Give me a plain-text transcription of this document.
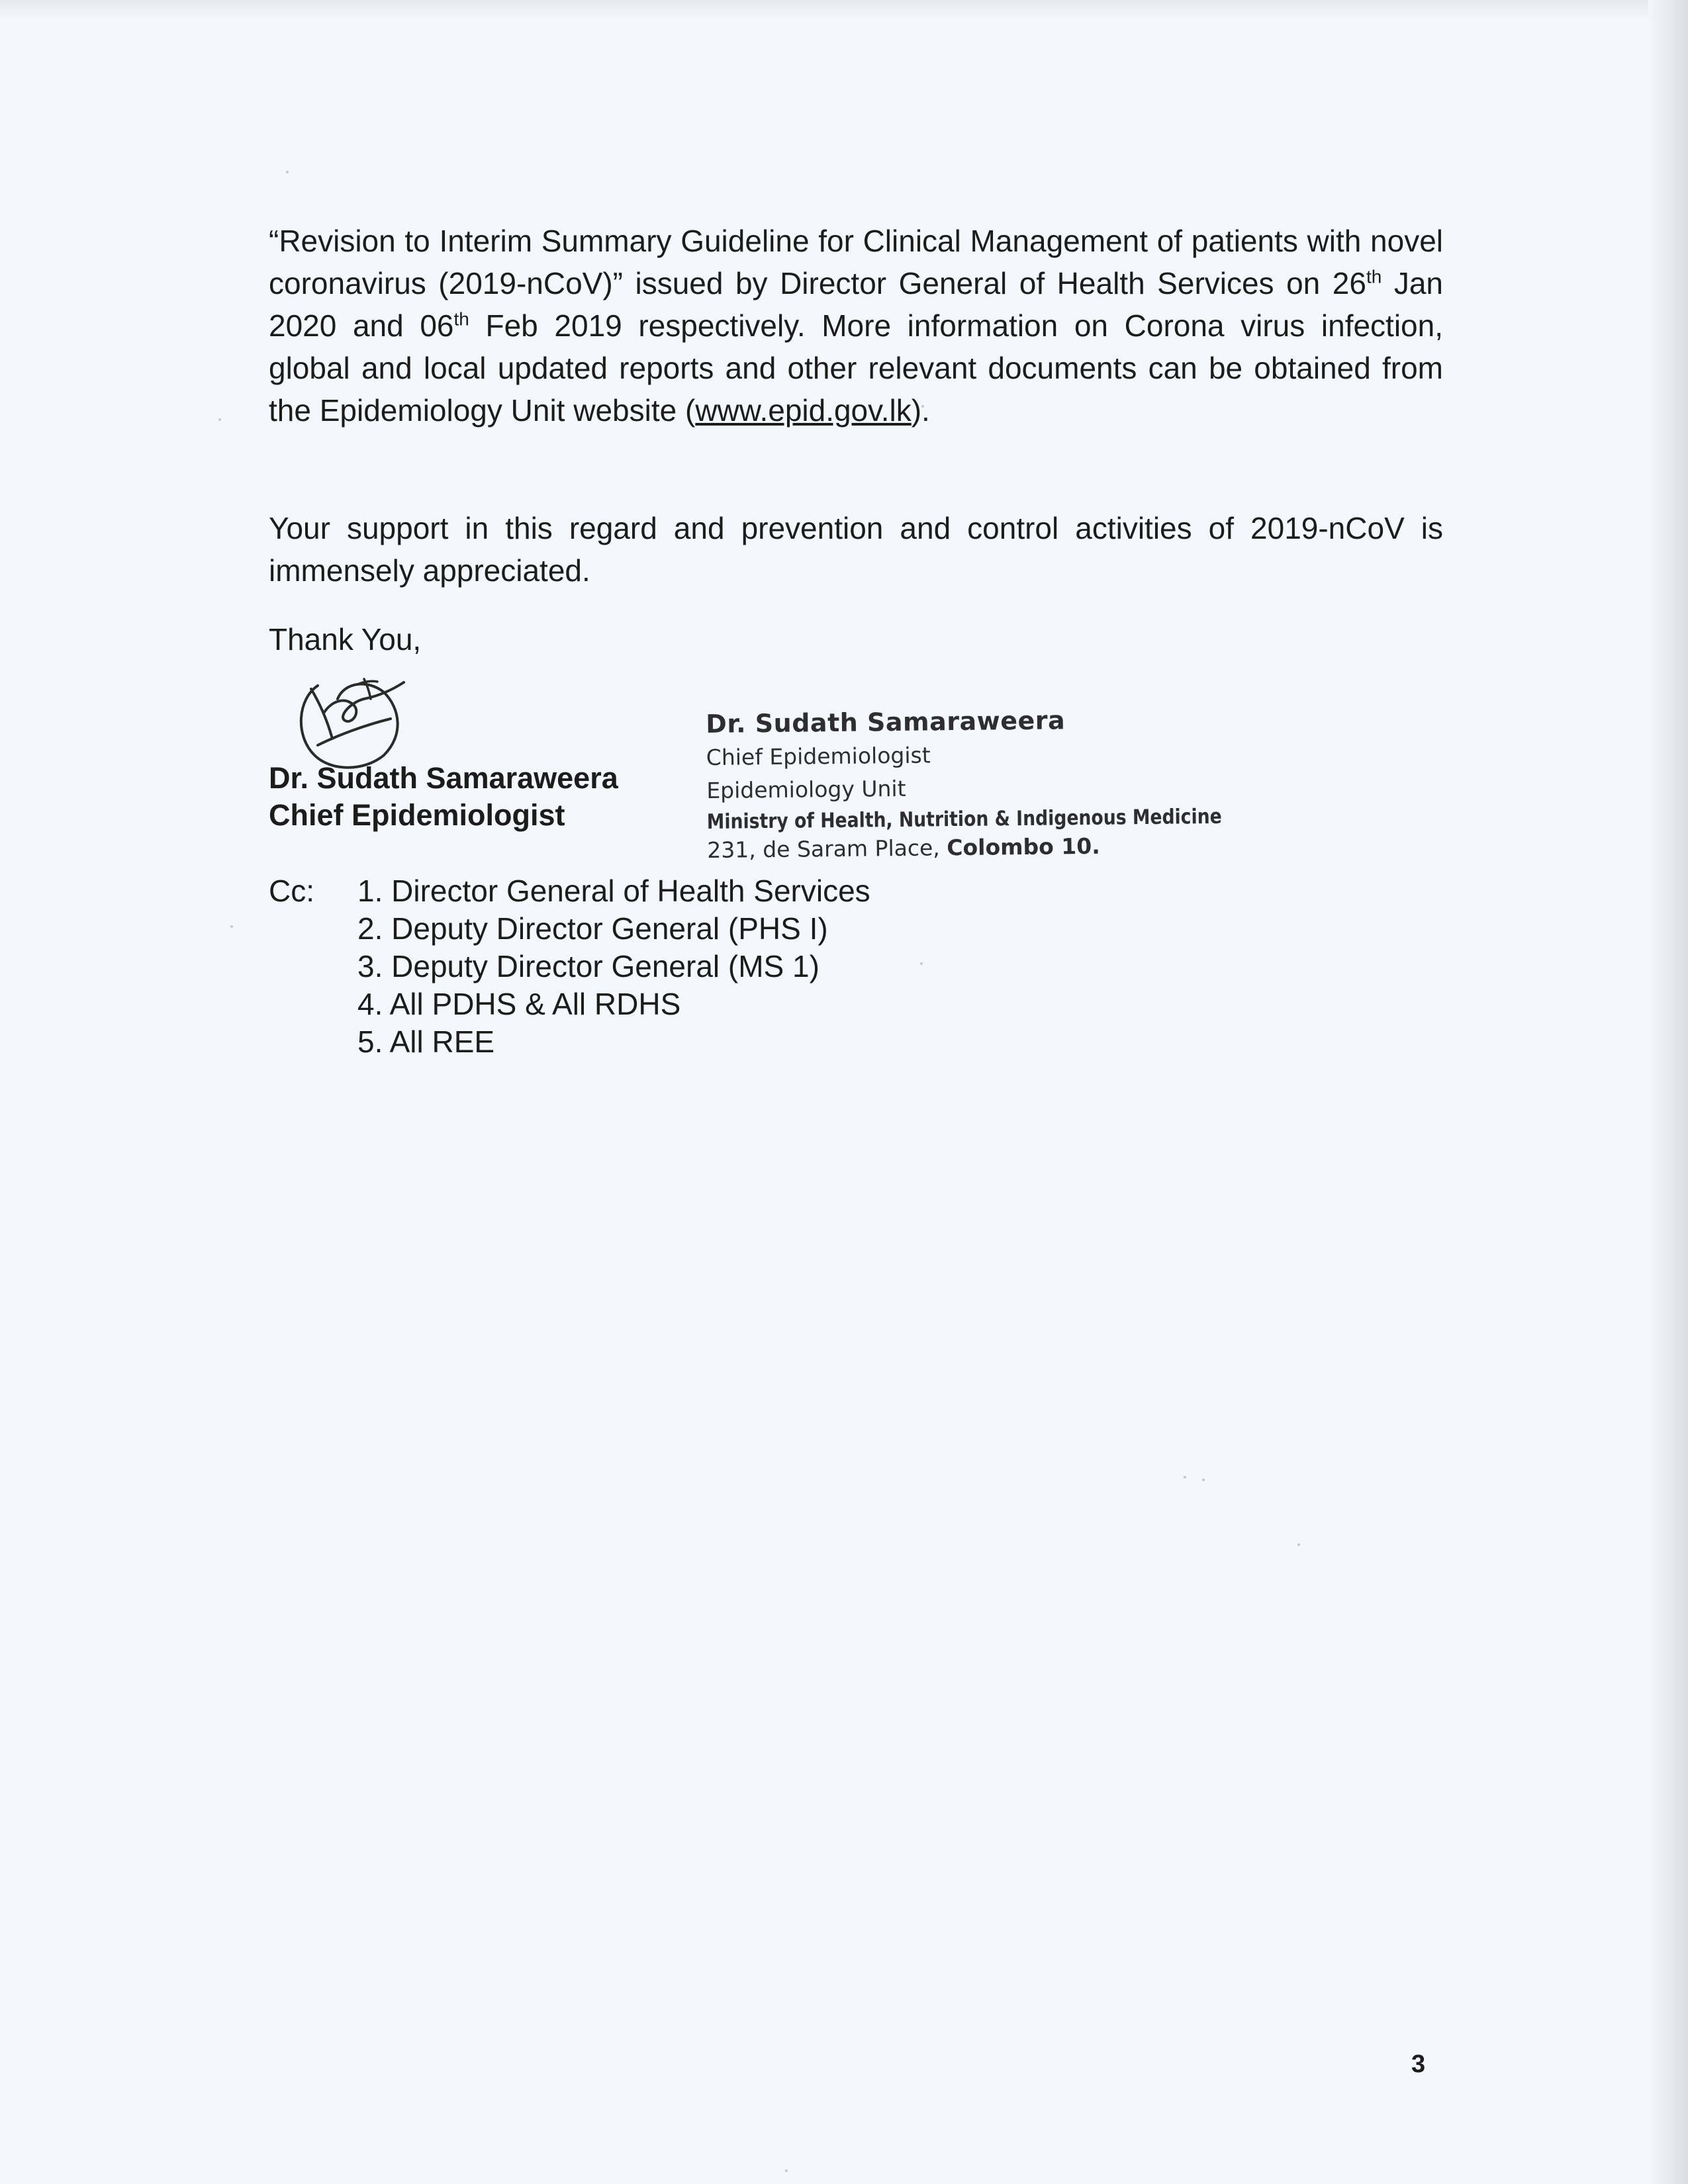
“Revision to Interim Summary Guideline for Clinical Management of patients with novel coronavirus (2019-nCoV)” issued by Director General of Health Services on 26th Jan 2020 and 06th Feb 2019 respectively. More information on Corona virus infection, global and local updated reports and other relevant documents can be obtained from the Epidemiology Unit website (www.epid.gov.lk).

Your support in this regard and prevention and control activities of 2019-nCoV is immensely appreciated.

Thank You,

Dr. Sudath Samaraweera

Chief Epidemiologist

Dr. Sudath Samaraweera
Chief Epidemiologist
Epidemiology Unit
Ministry of Health, Nutrition & Indigenous Medicine
231, de Saram Place, Colombo 10.

Cc: 1. Director General of Health Services
2. Deputy Director General (PHS I)
3. Deputy Director General (MS 1)
4. All PDHS & All RDHS
5. All REE

3
